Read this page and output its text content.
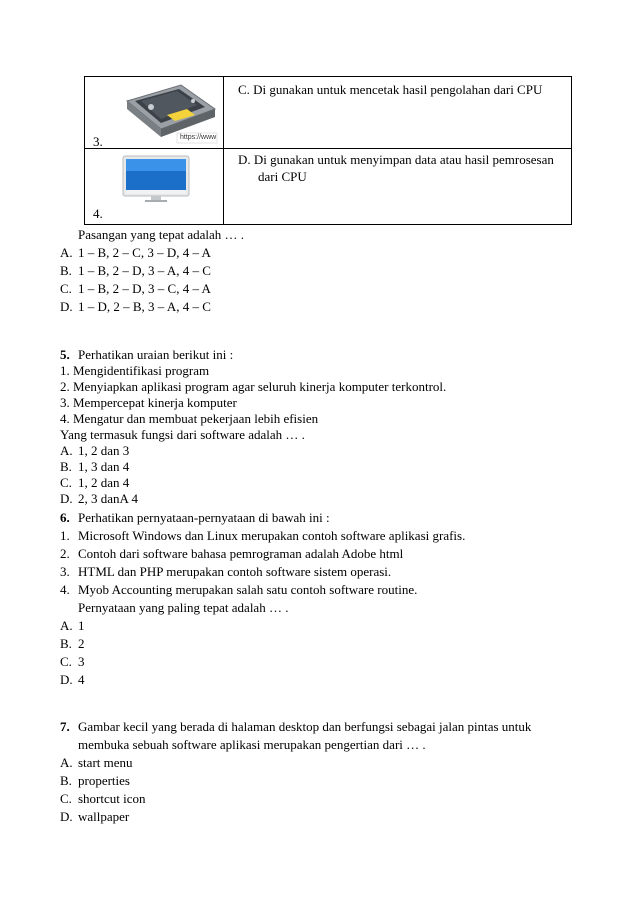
https://www
3.
C. Di gunakan untuk mencetak hasil pengolahan dari CPU
4.
D. Di gunakan untuk menyimpan data atau hasil pemrosesan
dari CPU
Pasangan yang tepat adalah … .
A. 1 – B, 2 – C, 3 – D, 4 – A
B. 1 – B, 2 – D, 3 – A, 4 – C
C. 1 – B, 2 – D, 3 – C, 4 – A
D. 1 – D, 2 – B, 3 – A, 4 – C
5. Perhatikan uraian berikut ini :
1. Mengidentifikasi program
2. Menyiapkan aplikasi program agar seluruh kinerja komputer terkontrol.
3. Mempercepat kinerja komputer
4. Mengatur dan membuat pekerjaan lebih efisien
Yang termasuk fungsi dari software adalah … .
A. 1, 2 dan 3
B. 1, 3 dan 4
C. 1, 2 dan 4
D. 2, 3 danA 4
6. Perhatikan pernyataan-pernyataan di bawah ini :
1. Microsoft Windows dan Linux merupakan contoh software aplikasi grafis.
2. Contoh dari software bahasa pemrograman adalah Adobe html
3. HTML dan PHP merupakan contoh software sistem operasi.
4. Myob Accounting merupakan salah satu contoh software routine.
Pernyataan yang paling tepat adalah … .
A. 1
B. 2
C. 3
D. 4
7. Gambar kecil yang berada di halaman desktop dan berfungsi sebagai jalan pintas untuk
membuka sebuah software aplikasi merupakan pengertian dari … .
A. start menu
B. properties
C. shortcut icon
D. wallpaper
